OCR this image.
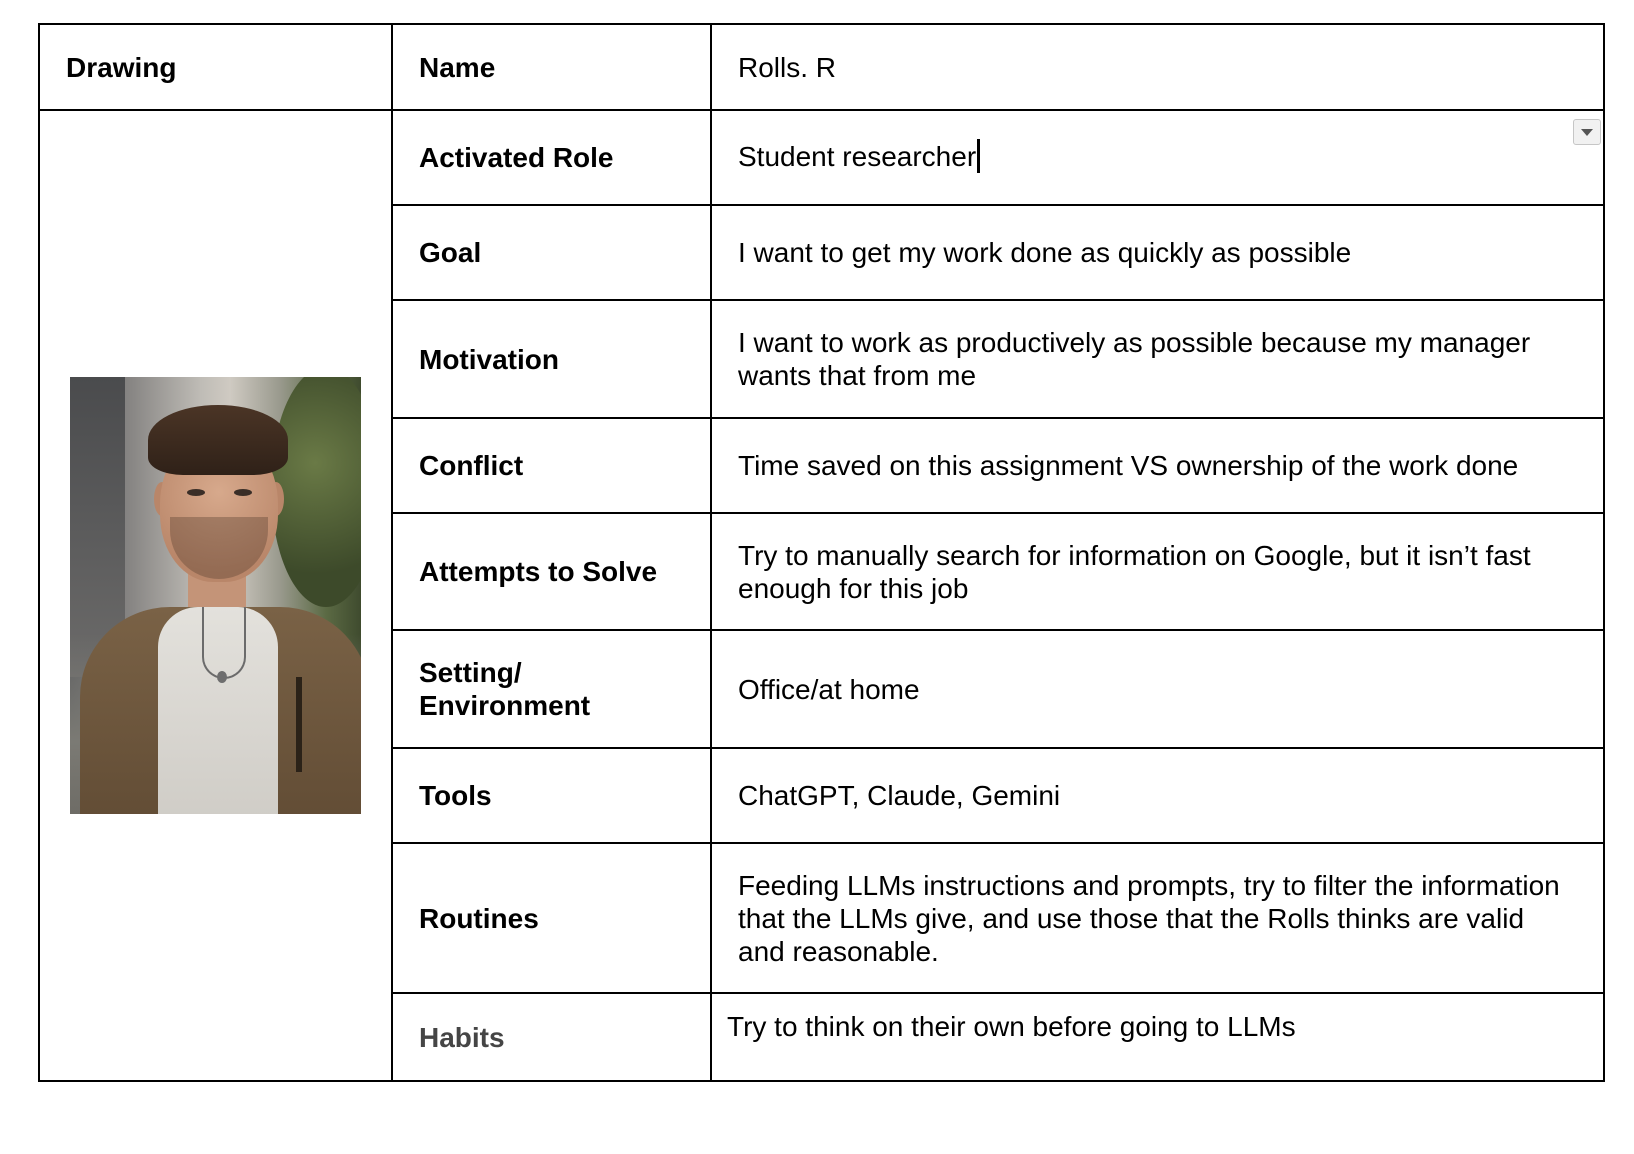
Drawing	Name	Rolls. R

	Activated Role	Student researcher

	Goal	I want to get my work done as quickly as possible
	Motivation	I want to work as productively as possible because my manager wants that from me
	Conflict	Time saved on this assignment VS ownership of the work done
	Attempts to Solve	Try to manually search for information on Google, but it isn’t fast enough for this job
	Setting/ Environment	Office/at home
	Tools	ChatGPT, Claude, Gemini
	Routines	Feeding LLMs instructions and prompts, try to filter the information that the LLMs give, and use those that the Rolls thinks are valid and reasonable.
	Habits	Try to think on their own before going to LLMs
